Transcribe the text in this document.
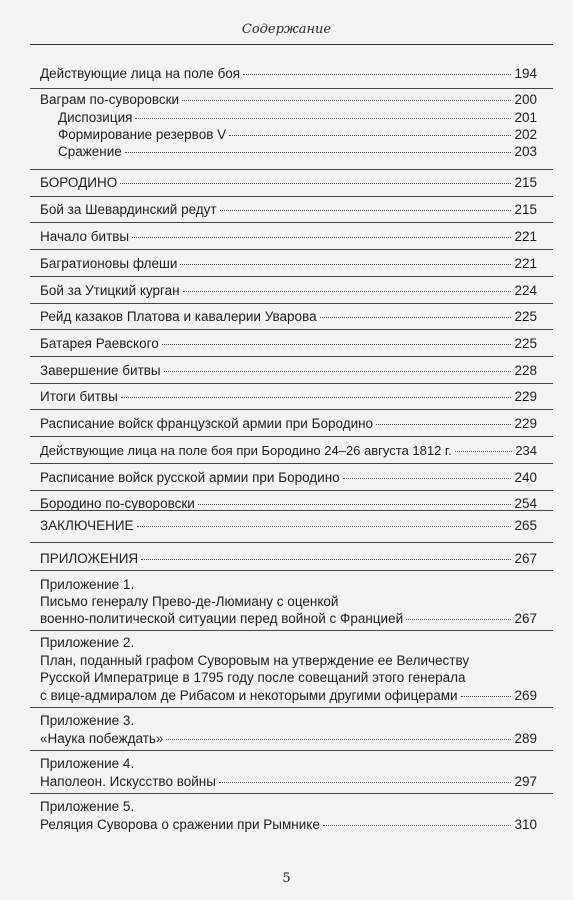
Содержание
Действующие лица на поле боя	194
Ваграм по-суворовски	200
Диспозиция	201
Формирование резервов V	202
Сражение	203
БОРОДИНО	215
Бой за Шевардинский редут	215
Начало битвы	221
Багратионовы флеши	221
Бой за Утицкий курган	224
Рейд казаков Платова и кавалерии Уварова	225
Батарея Раевского	225
Завершение битвы	228
Итоги битвы	229
Расписание войск французской армии при Бородино	229
Действующие лица на поле боя при Бородино 24–26 августа 1812 г.	234
Расписание войск русской армии при Бородино	240
Бородино по-суворовски	254
ЗАКЛЮЧЕНИЕ	265
ПРИЛОЖЕНИЯ	267
Приложение 1.
Письмо генералу Прево-де-Люмиану с оценкой
военно-политической ситуации перед войной с Францией	267
Приложение 2.
План, поданный графом Суворовым на утверждение ее Величеству
Русской Императрице в 1795 году после совещаний этого генерала
с вице-адмиралом де Рибасом и некоторыми другими офицерами	269
Приложение 3.
«Наука побеждать»	289
Приложение 4.
Наполеон. Искусство войны	297
Приложение 5.
Реляция Суворова о сражении при Рымнике	310
5
